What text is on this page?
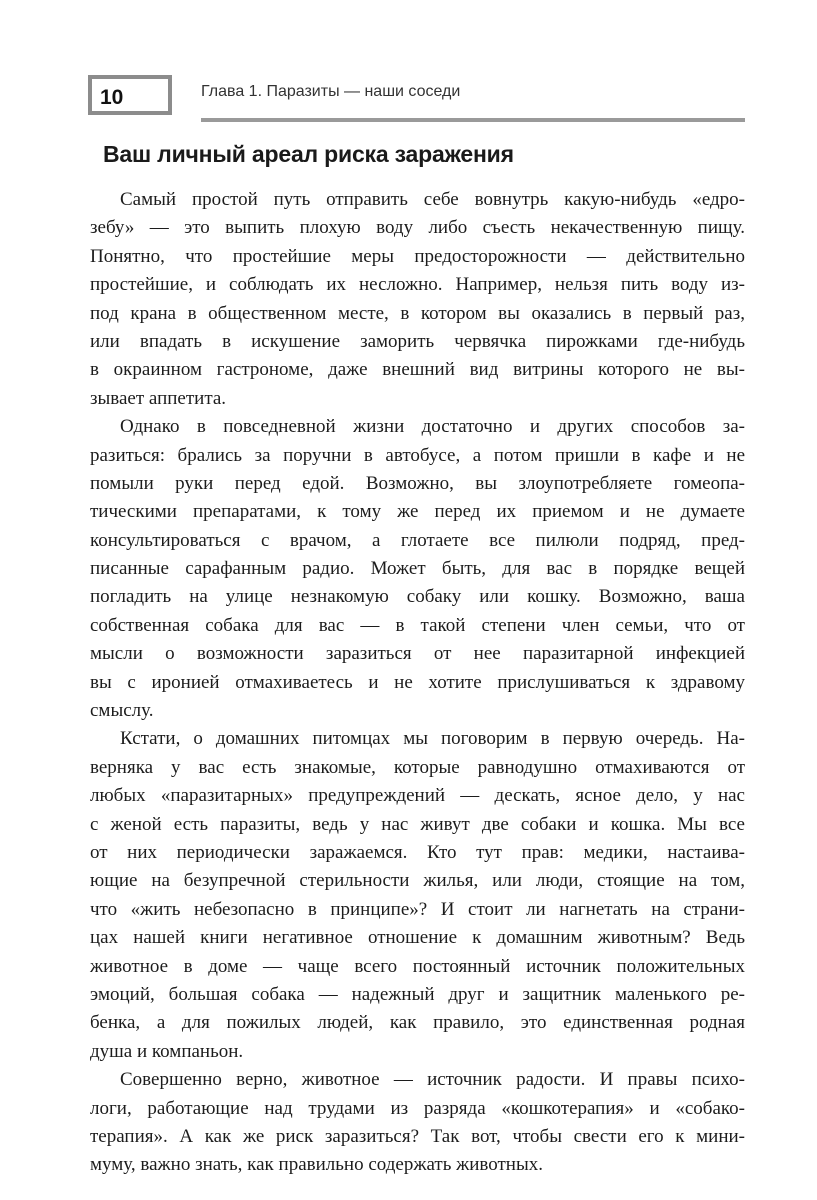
10	Глава 1. Паразиты — наши соседи
Ваш личный ареал риска заражения
Самый простой путь отправить себе вовнутрь какую-нибудь «едро-
зебу» — это выпить плохую воду либо съесть некачественную пищу.
Понятно, что простейшие меры предосторожности — действительно
простейшие, и соблюдать их несложно. Например, нельзя пить воду из-
под крана в общественном месте, в котором вы оказались в первый раз,
или впадать в искушение заморить червячка пирожками где-нибудь
в окраинном гастрономе, даже внешний вид витрины которого не вы-
зывает аппетита.
Однако в повседневной жизни достаточно и других способов за-
разиться: брались за поручни в автобусе, а потом пришли в кафе и не
помыли руки перед едой. Возможно, вы злоупотребляете гомеопа-
тическими препаратами, к тому же перед их приемом и не думаете
консультироваться с врачом, а глотаете все пилюли подряд, пред-
писанные сарафанным радио. Может быть, для вас в порядке вещей
погладить на улице незнакомую собаку или кошку. Возможно, ваша
собственная собака для вас — в такой степени член семьи, что от
мысли о возможности заразиться от нее паразитарной инфекцией
вы с иронией отмахиваетесь и не хотите прислушиваться к здравому
смыслу.
Кстати, о домашних питомцах мы поговорим в первую очередь. На-
верняка у вас есть знакомые, которые равнодушно отмахиваются от
любых «паразитарных» предупреждений — дескать, ясное дело, у нас
с женой есть паразиты, ведь у нас живут две собаки и кошка. Мы все
от них периодически заражаемся. Кто тут прав: медики, настаива-
ющие на безупречной стерильности жилья, или люди, стоящие на том,
что «жить небезопасно в принципе»? И стоит ли нагнетать на страни-
цах нашей книги негативное отношение к домашним животным? Ведь
животное в доме — чаще всего постоянный источник положительных
эмоций, большая собака — надежный друг и защитник маленького ре-
бенка, а для пожилых людей, как правило, это единственная родная
душа и компаньон.
Совершенно верно, животное — источник радости. И правы психо-
логи, работающие над трудами из разряда «кошкотерапия» и «собако-
терапия». А как же риск заразиться? Так вот, чтобы свести его к мини-
муму, важно знать, как правильно содержать животных.
